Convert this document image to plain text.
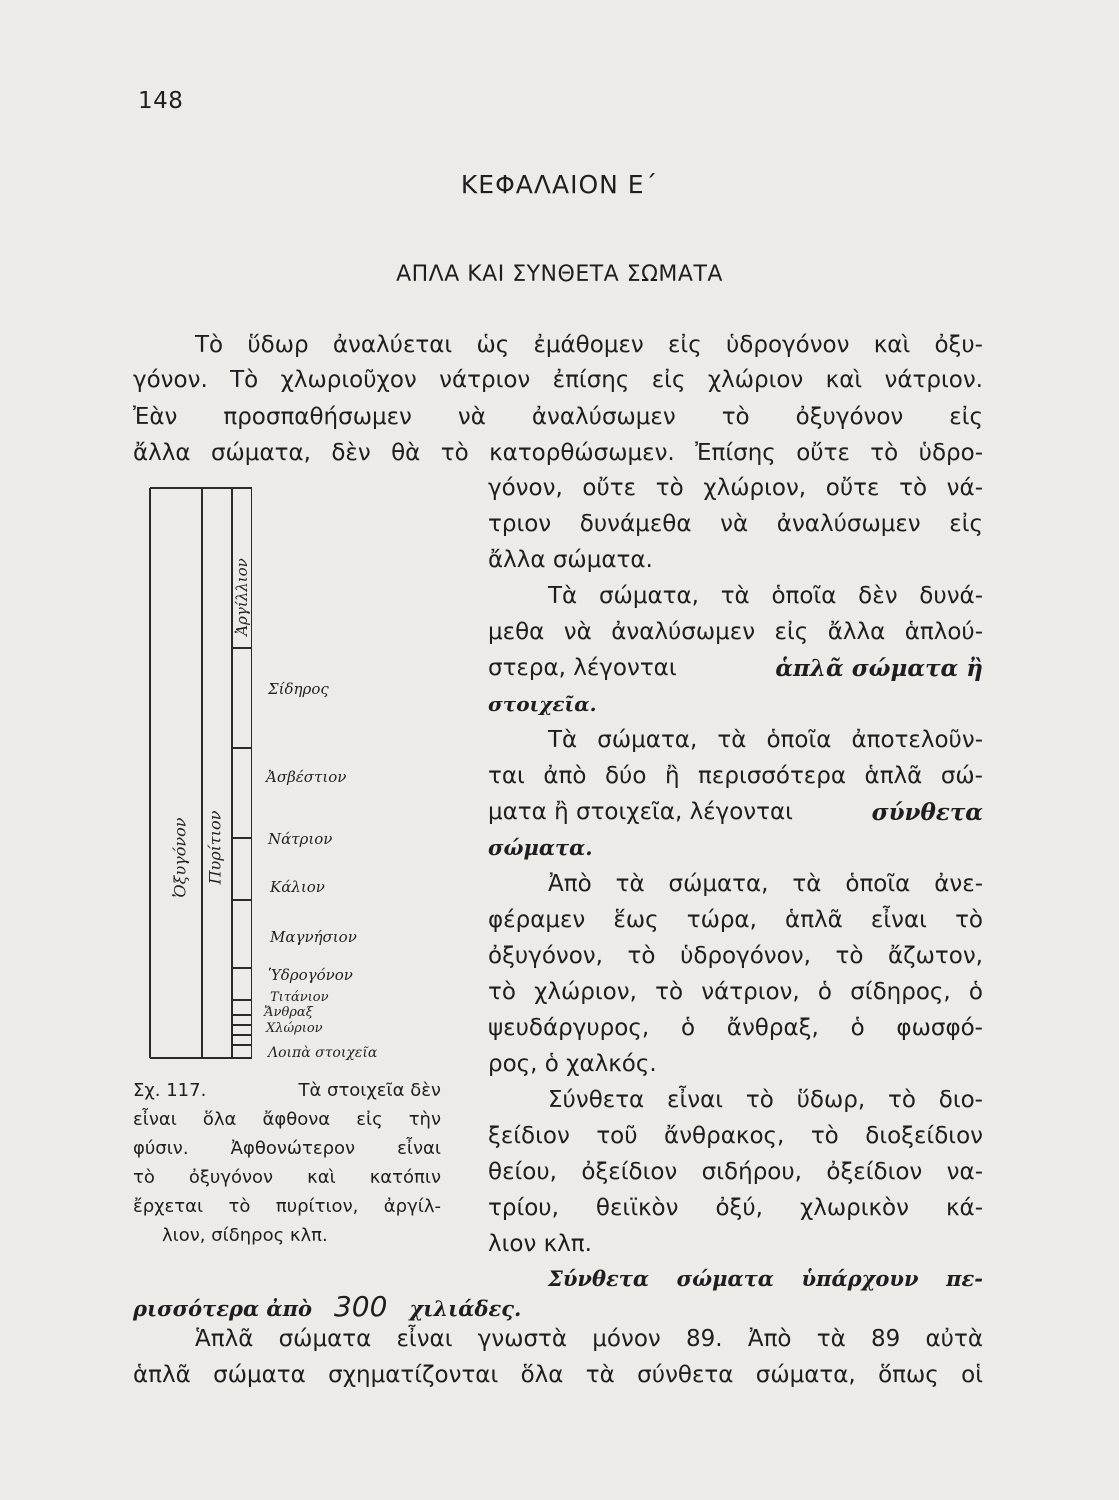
148
ΚΕΦΑΛΑΙΟΝ Ε΄
ΑΠΛΑ ΚΑΙ ΣΥΝΘΕΤΑ ΣΩΜΑΤΑ
Τὸ ὕδωρ ἀναλύεται ὡς ἐμάθομεν εἰς ὑδρογόνον καὶ ὀξυ-
γόνον. Τὸ χλωριοῦχον νάτριον ἐπίσης εἰς χλώριον καὶ νάτριον.
Ἐὰν προσπαθήσωμεν νὰ ἀναλύσωμεν τὸ ὀξυγόνον εἰς
ἄλλα σώματα, δὲν θὰ τὸ κατορθώσωμεν. Ἐπίσης οὔτε τὸ ὑδρο-
γόνον, οὔτε τὸ χλώριον, οὔτε τὸ νά-
τριον δυνάμεθα νὰ ἀναλύσωμεν εἰς
ἄλλα σώματα.
Τὰ σώματα, τὰ ὁποῖα δὲν δυνά-
μεθα νὰ ἀναλύσωμεν εἰς ἄλλα ἁπλού-
στερα, λέγονται	ἁπλᾶ σώματα ἢ
στοιχεῖα.
Τὰ σώματα, τὰ ὁποῖα ἀποτελοῦν-
ται ἀπὸ δύο ἢ περισσότερα ἁπλᾶ σώ-
ματα ἢ στοιχεῖα, λέγονται	σύνθετα
σώματα.
Ἀπὸ τὰ σώματα, τὰ ὁποῖα ἀνε-
φέραμεν ἕως τώρα, ἁπλᾶ εἶναι τὸ
ὀξυγόνον, τὸ ὑδρογόνον, τὸ ἄζωτον,
τὸ χλώριον, τὸ νάτριον, ὁ σίδηρος, ὁ
ψευδάργυρος, ὁ ἄνθραξ, ὁ φωσφό-
ρος, ὁ χαλκός.
Σύνθετα εἶναι τὸ ὕδωρ, τὸ διο-
ξείδιον τοῦ ἄνθρακος, τὸ διοξείδιον
θείου, ὀξείδιον σιδήρου, ὀξείδιον να-
τρίου, θειϊκὸν ὀξύ, χλωρικὸν κά-
λιον κλπ.
Σύνθετα σώματα ὑπάρχουν πε-
ρισσότερα ἀπὸ 300 χιλιάδες.
Ἁπλᾶ σώματα εἶναι γνωστὰ μόνον 89. Ἀπὸ τὰ 89 αὐτὰ
ἁπλᾶ σώματα σχηματίζονται ὅλα τὰ σύνθετα σώματα, ὅπως οἱ
Ὀξυγόνον Πυρίτιον
Ἀργίλλιον
Σίδηρος
Ἀσβέστιον
Νάτριον
Κάλιον
Μαγνήσιον
Ὑδρογόνον
Τιτάνιον
Ἄνθραξ
Χλώριον
Λοιπὰ στοιχεῖα
Σχ. 117.	Τὰ στοιχεῖα δὲν
εἶναι ὅλα ἄφθονα εἰς τὴν
φύσιν. Ἀφθονώτερον εἶναι
τὸ ὀξυγόνον καὶ κατόπιν
ἔρχεται τὸ πυρίτιον, ἀργίλ-
λιον, σίδηρος κλπ.
